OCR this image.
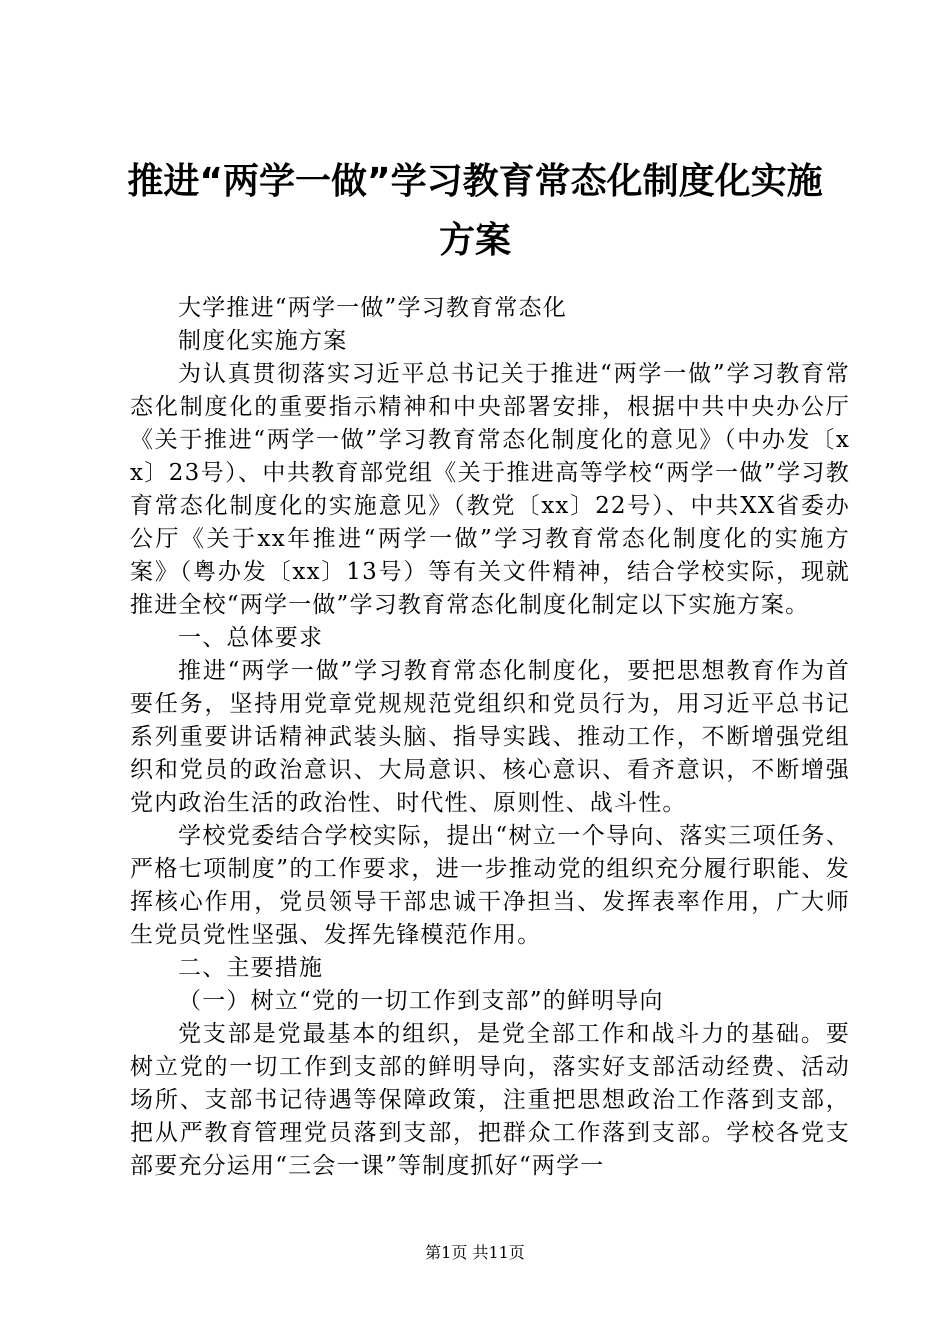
推进“两学一做”学习教育常态化制度化实施
方案

大学推进“两学一做”学习教育常态化

制度化实施方案

为认真贯彻落实习近平总书记关于推进“两学一做”学习教育常态化制度化的重要指示精神和中央部署安排，根据中共中央办公厅《关于推进“两学一做”学习教育常态化制度化的意见》（中办发〔xx〕23号）、中共教育部党组《关于推进高等学校“两学一做”学习教育常态化制度化的实施意见》（教党〔xx〕22号）、中共XX省委办公厅《关于xx年推进“两学一做”学习教育常态化制度化的实施方案》（粤办发〔xx〕13号）等有关文件精神，结合学校实际，现就推进全校“两学一做”学习教育常态化制度化制定以下实施方案。

一、总体要求

推进“两学一做”学习教育常态化制度化，要把思想教育作为首要任务，坚持用党章党规规范党组织和党员行为，用习近平总书记系列重要讲话精神武装头脑、指导实践、推动工作，不断增强党组织和党员的政治意识、大局意识、核心意识、看齐意识，不断增强党内政治生活的政治性、时代性、原则性、战斗性。

学校党委结合学校实际，提出“树立一个导向、落实三项任务、严格七项制度”的工作要求，进一步推动党的组织充分履行职能、发挥核心作用，党员领导干部忠诚干净担当、发挥表率作用，广大师生党员党性坚强、发挥先锋模范作用。

二、主要措施

（一）树立“党的一切工作到支部”的鲜明导向

党支部是党最基本的组织，是党全部工作和战斗力的基础。要树立党的一切工作到支部的鲜明导向，落实好支部活动经费、活动场所、支部书记待遇等保障政策，注重把思想政治工作落到支部，把从严教育管理党员落到支部，把群众工作落到支部。学校各党支部要充分运用“三会一课”等制度抓好“两学一

第1页 共11页
